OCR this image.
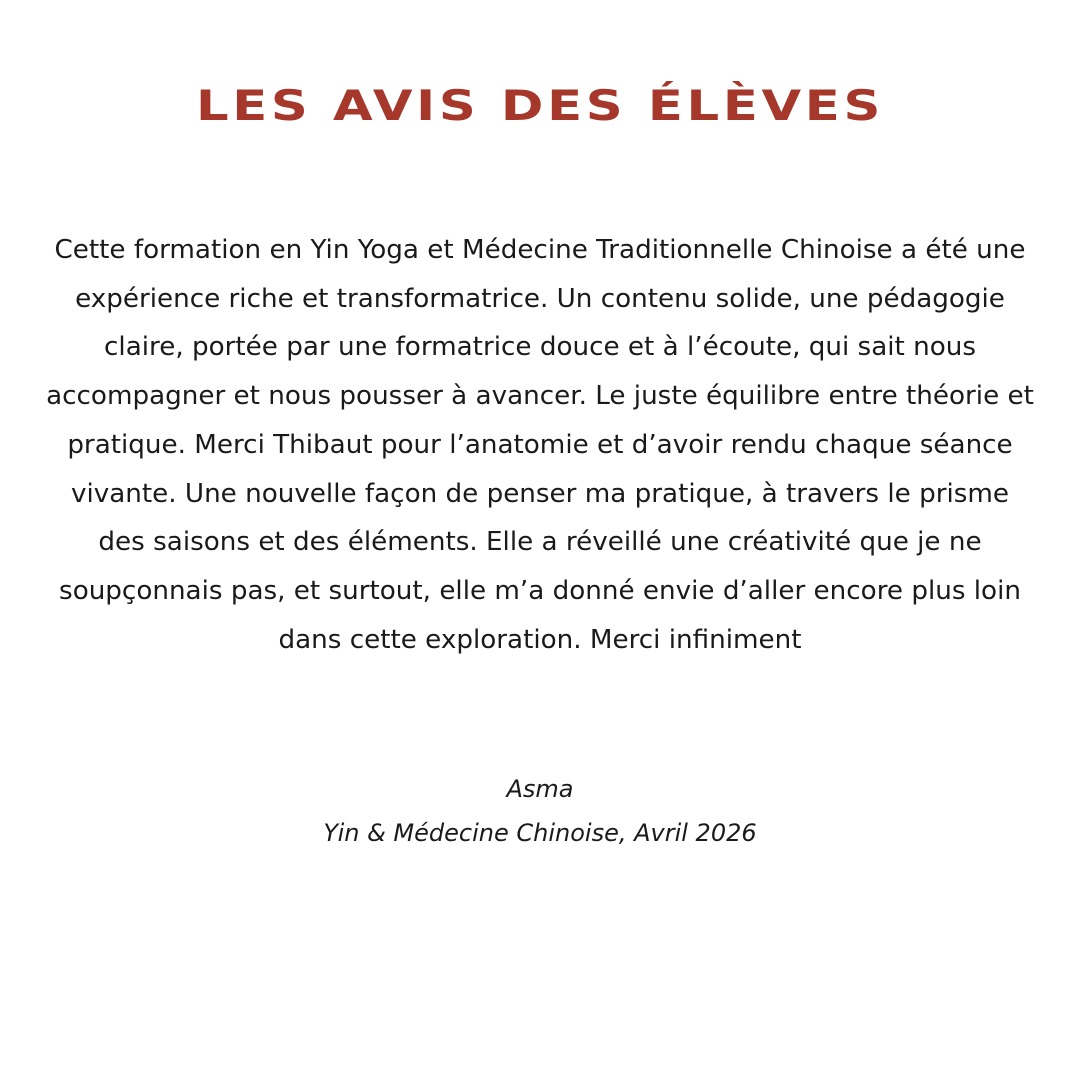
LES AVIS DES ÉLÈVES

Cette formation en Yin Yoga et Médecine Traditionnelle Chinoise a été une expérience riche et transformatrice. Un contenu solide, une pédagogie claire, portée par une formatrice douce et à l’écoute, qui sait nous accompagner et nous pousser à avancer. Le juste équilibre entre théorie et pratique. Merci Thibaut pour l’anatomie et d’avoir rendu chaque séance vivante. Une nouvelle façon de penser ma pratique, à travers le prisme des saisons et des éléments. Elle a réveillé une créativité que je ne soupçonnais pas, et surtout, elle m’a donné envie d’aller encore plus loin dans cette exploration. Merci infiniment

Asma
Yin & Médecine Chinoise, Avril 2026
